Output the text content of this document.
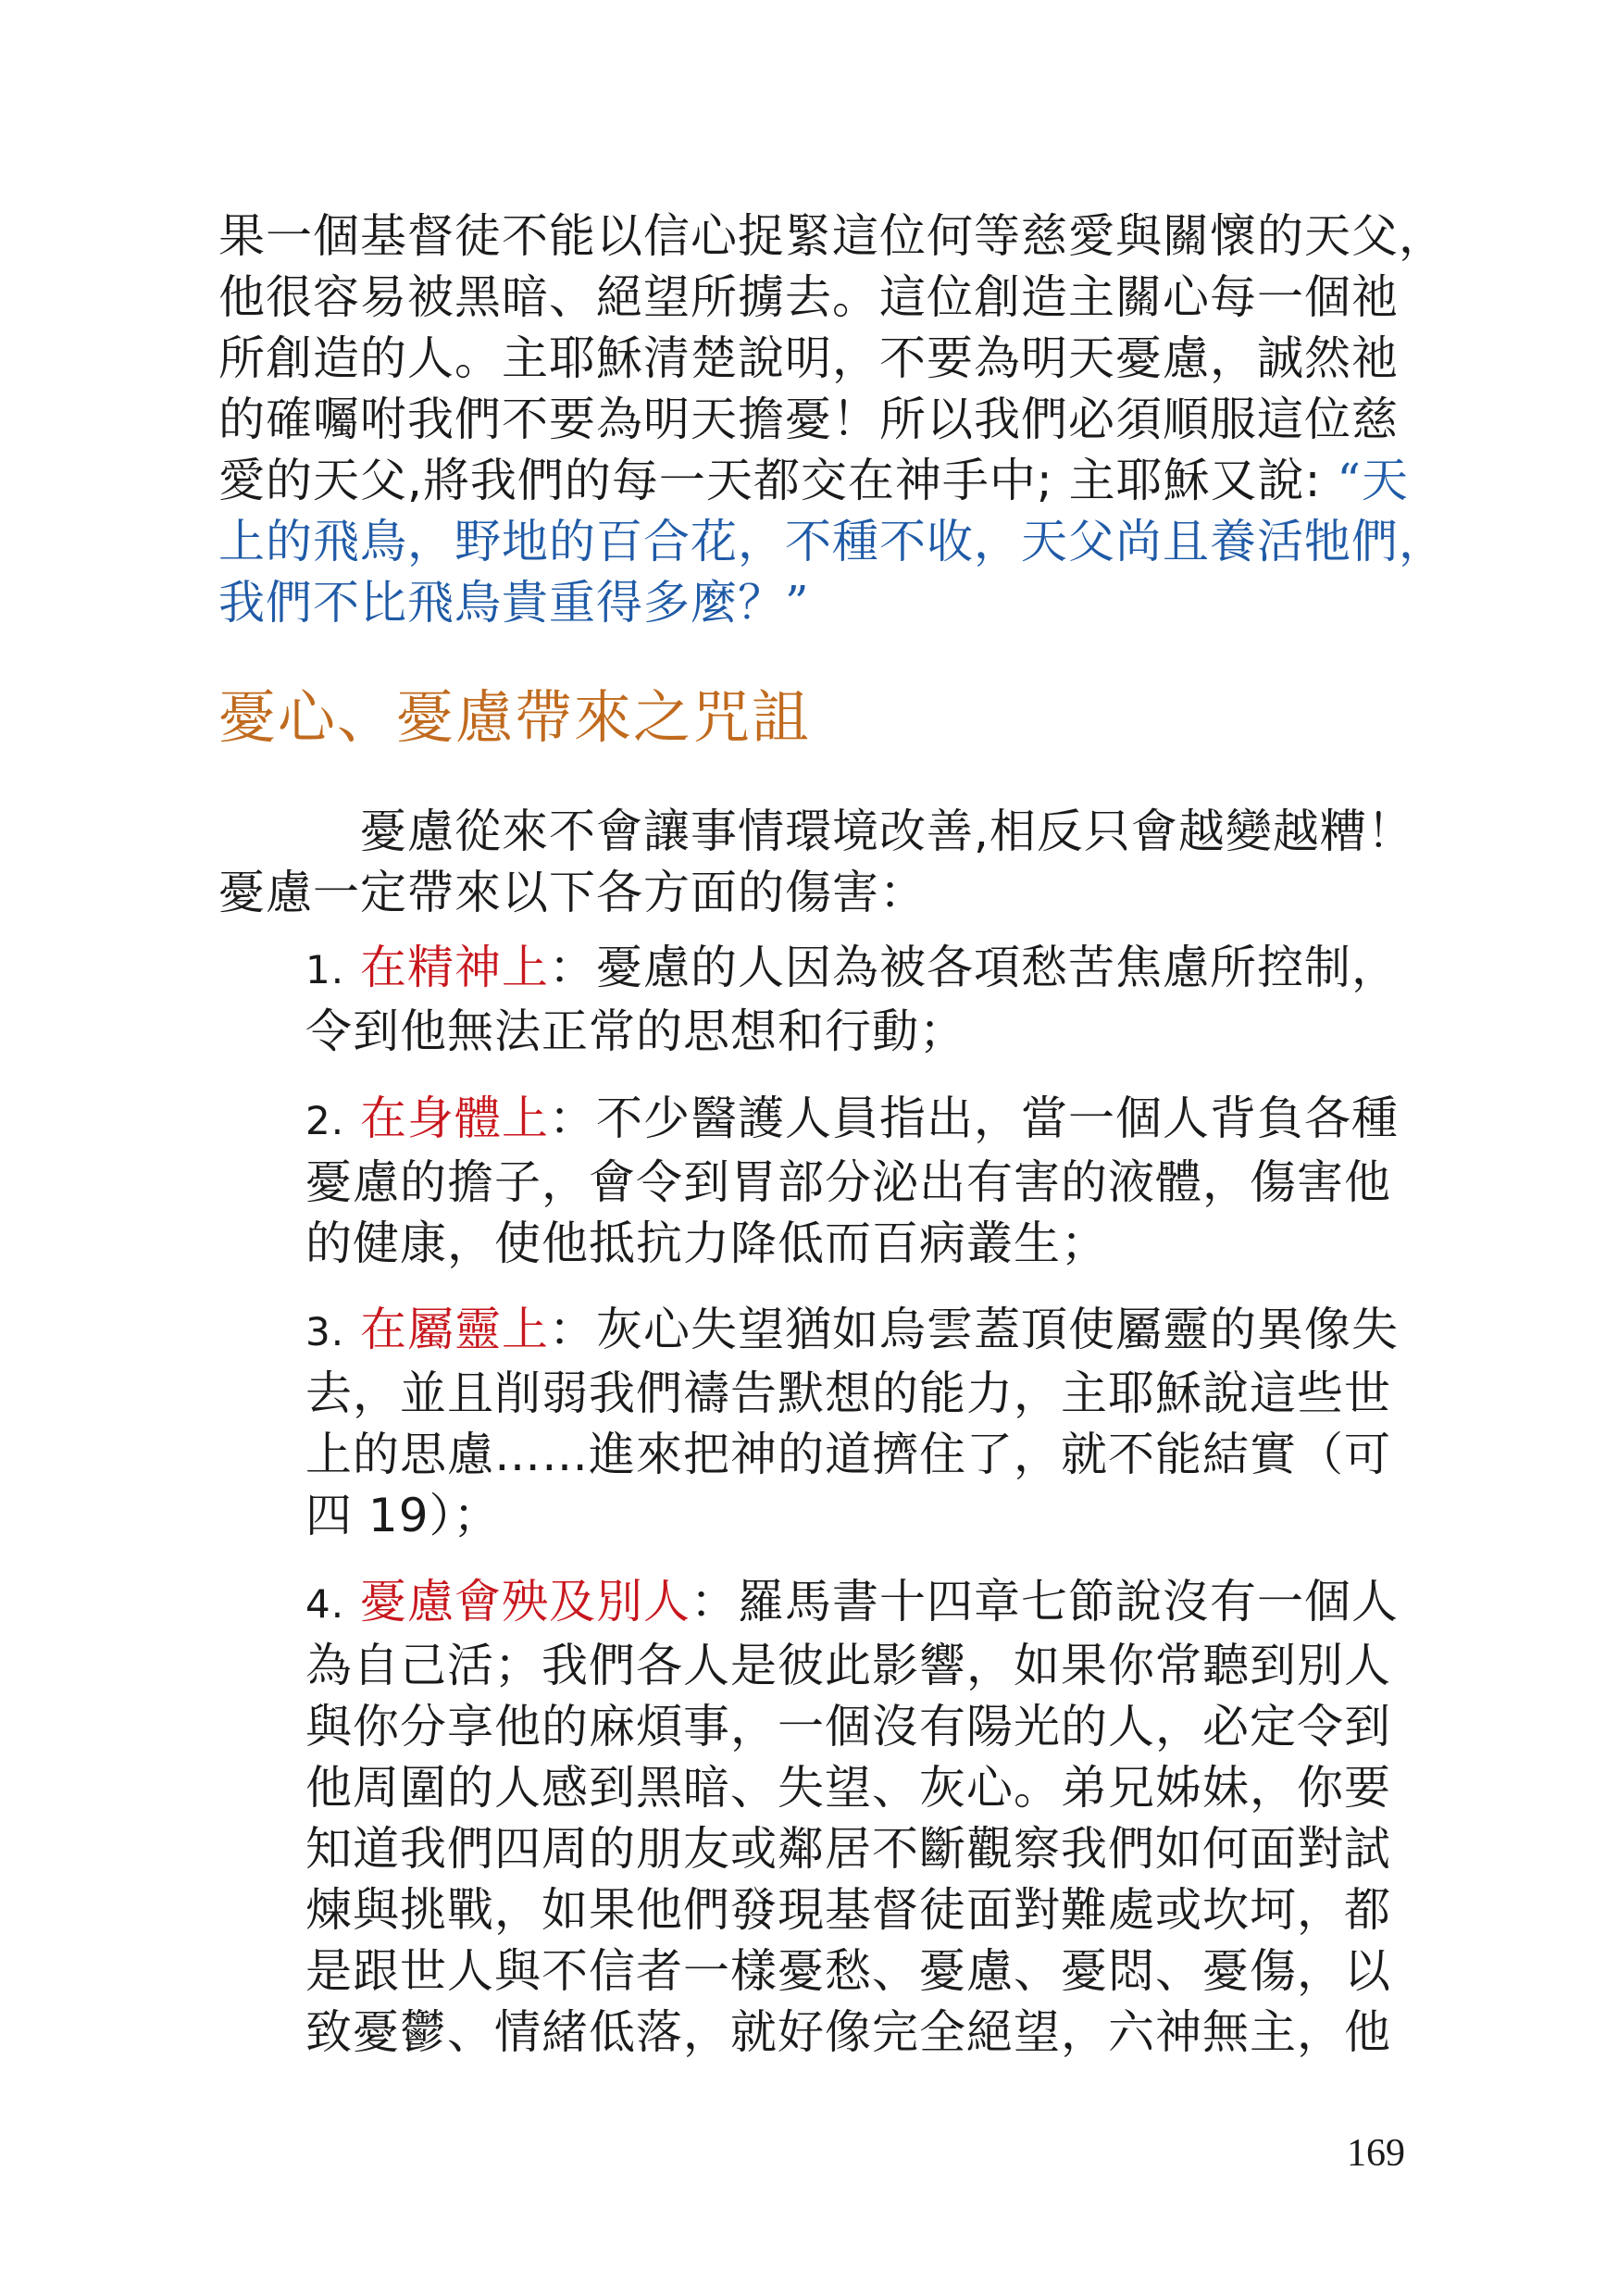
果一個基督徒不能以信心捉緊這位何等慈愛與關懷的天父，
他很容易被黑暗、絕望所擄去。這位創造主關心每一個祂
所創造的人。主耶穌清楚說明，不要為明天憂慮，誠然祂
的確囑咐我們不要為明天擔憂！所以我們必須順服這位慈
愛的天父,將我們的每一天都交在神手中; 主耶穌又說: “天
上的飛鳥，野地的百合花，不種不收，天父尚且養活牠們，
我們不比飛鳥貴重得多麼？”

憂心、憂慮帶來之咒詛

　　　憂慮從來不會讓事情環境改善,相反只會越變越糟！
憂慮一定帶來以下各方面的傷害：

1. 在精神上：憂慮的人因為被各項愁苦焦慮所控制，
令到他無法正常的思想和行動；

2. 在身體上：不少醫護人員指出，當一個人背負各種
憂慮的擔子，會令到胃部分泌出有害的液體，傷害他
的健康，使他抵抗力降低而百病叢生；

3. 在屬靈上：灰心失望猶如烏雲蓋頂使屬靈的異像失
去，並且削弱我們禱告默想的能力，主耶穌說這些世
上的思慮……進來把神的道擠住了，就不能結實（可
四 19）；

4. 憂慮會殃及別人：羅馬書十四章七節說沒有一個人
為自己活；我們各人是彼此影響，如果你常聽到別人
與你分享他的麻煩事，一個沒有陽光的人，必定令到
他周圍的人感到黑暗、失望、灰心。弟兄姊妹，你要
知道我們四周的朋友或鄰居不斷觀察我們如何面對試
煉與挑戰，如果他們發現基督徒面對難處或坎坷，都
是跟世人與不信者一樣憂愁、憂慮、憂悶、憂傷，以
致憂鬱、情緒低落，就好像完全絕望，六神無主，他

169
